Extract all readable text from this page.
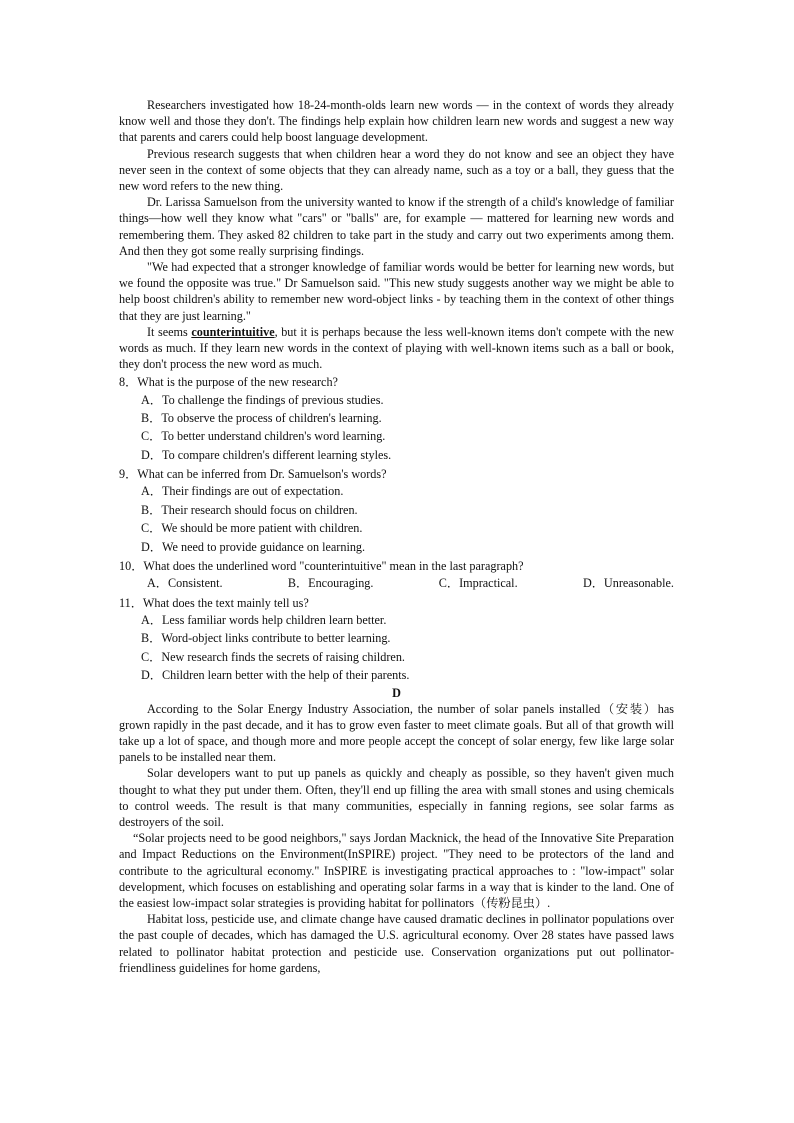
Researchers investigated how 18-24-month-olds learn new words — in the context of words they already know well and those they don't. The findings help explain how children learn new words and suggest a new way that parents and carers could help boost language development.

Previous research suggests that when children hear a word they do not know and see an object they have never seen in the context of some objects that they can already name, such as a toy or a ball, they guess that the new word refers to the new thing.

Dr. Larissa Samuelson from the university wanted to know if the strength of a child's knowledge of familiar things—how well they know what "cars" or "balls" are, for example — mattered for learning new words and remembering them. They asked 82 children to take part in the study and carry out two experiments among them. And then they got some really surprising findings.

"We had expected that a stronger knowledge of familiar words would be better for learning new words, but we found the opposite was true." Dr Samuelson said. "This new study suggests another way we might be able to help boost children's ability to remember new word-object links - by teaching them in the context of other things that they are just learning."

It seems counterintuitive, but it is perhaps because the less well-known items don't compete with the new words as much. If they learn new words in the context of playing with well-known items such as a ball or book, they don't process the new word as much.

8．What is the purpose of the new research?
A．To challenge the findings of previous studies.
B．To observe the process of children's learning.
C．To better understand children's word learning.
D．To compare children's different learning styles.
9．What can be inferred from Dr. Samuelson's words?
A．Their findings are out of expectation.
B．Their research should focus on children.
C．We should be more patient with children.
D．We need to provide guidance on learning.
10．What does the underlined word "counterintuitive" mean in the last paragraph?
A．Consistent.	B．Encouraging.	C．Impractical.	D．Unreasonable.
11．What does the text mainly tell us?
A．Less familiar words help children learn better.
B．Word-object links contribute to better learning.
C．New research finds the secrets of raising children.
D．Children learn better with the help of their parents.
D

According to the Solar Energy Industry Association, the number of solar panels installed（安装）has grown rapidly in the past decade, and it has to grow even faster to meet climate goals. But all of that growth will take up a lot of space, and though more and more people accept the concept of solar energy, few like large solar panels to be installed near them.

Solar developers want to put up panels as quickly and cheaply as possible, so they haven't given much thought to what they put under them. Often, they'll end up filling the area with small stones and using chemicals to control weeds. The result is that many communities, especially in fanning regions, see solar farms as destroyers of the soil.

“Solar projects need to be good neighbors," says Jordan Macknick, the head of the Innovative Site Preparation and Impact Reductions on the Environment(InSPIRE) project. "They need to be protectors of the land and contribute to the agricultural economy." InSPIRE is investigating practical approaches to : "low-impact" solar development, which focuses on establishing and operating solar farms in a way that is kinder to the land. One of the easiest low-impact solar strategies is providing habitat for pollinators（传粉昆虫）.

Habitat loss, pesticide use, and climate change have caused dramatic declines in pollinator populations over the past couple of decades, which has damaged the U.S. agricultural economy. Over 28 states have passed laws related to pollinator habitat protection and pesticide use. Conservation organizations put out pollinator-friendliness guidelines for home gardens,
